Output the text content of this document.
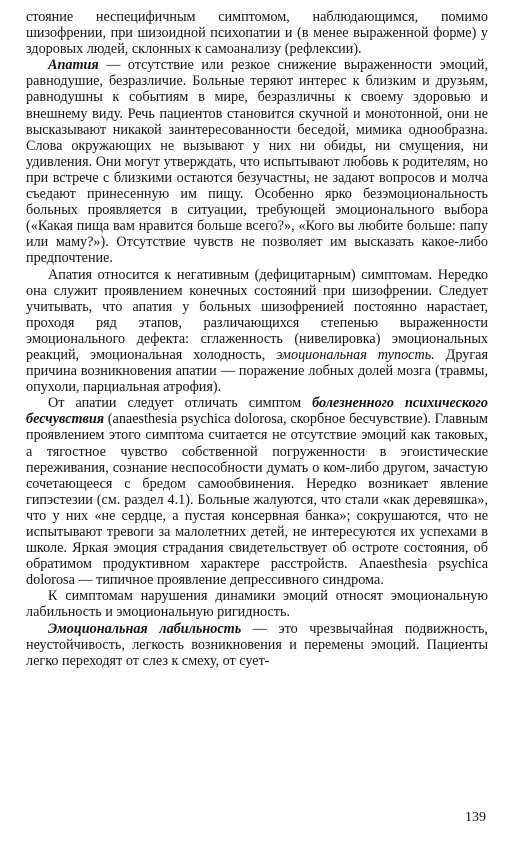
стояние неспецифичным симптомом, наблюдающимся, помимо шизофрении, при шизоидной психопатии и (в менее выраженной форме) у здоровых людей, склонных к самоанализу (рефлексии).

Апатия — отсутствие или резкое снижение выраженности эмоций, равнодушие, безразличие. Больные теряют интерес к близким и друзьям, равнодушны к событиям в мире, безразличны к своему здоровью и внешнему виду. Речь пациентов становится скучной и монотонной, они не высказывают никакой заинтересованности беседой, мимика однообразна. Слова окружающих не вызывают у них ни обиды, ни смущения, ни удивления. Они могут утверждать, что испытывают любовь к родителям, но при встрече с близкими остаются безучастны, не задают вопросов и молча съедают принесенную им пищу. Особенно ярко безэмоциональность больных проявляется в ситуации, требующей эмоционального выбора («Какая пища вам нравится больше всего?», «Кого вы любите больше: папу или маму?»). Отсутствие чувств не позволяет им высказать какое-либо предпочтение.

Апатия относится к негативным (дефицитарным) симптомам. Нередко она служит проявлением конечных состояний при шизофрении. Следует учитывать, что апатия у больных шизофренией постоянно нарастает, проходя ряд этапов, различающихся степенью выраженности эмоционального дефекта: сглаженность (нивелировка) эмоциональных реакций, эмоциональная холодность, эмоциональная тупость. Другая причина возникновения апатии — поражение лобных долей мозга (травмы, опухоли, парциальная атрофия).

От апатии следует отличать симптом болезненного психического бесчувствия (anaesthesia psychica dolorosa, скорбное бесчувствие). Главным проявлением этого симптома считается не отсутствие эмоций как таковых, а тягостное чувство собственной погруженности в эгоистические переживания, сознание неспособности думать о ком-либо другом, зачастую сочетающееся с бредом самообвинения. Нередко возникает явление гипэстезии (см. раздел 4.1). Больные жалуются, что стали «как деревяшка», что у них «не сердце, а пустая консервная банка»; сокрушаются, что не испытывают тревоги за малолетних детей, не интересуются их успехами в школе. Яркая эмоция страдания свидетельствует об остроте состояния, об обратимом продуктивном характере расстройств. Anaesthesia psychica dolorosa — типичное проявление депрессивного синдрома.

К симптомам нарушения динамики эмоций относят эмоциональную лабильность и эмоциональную ригидность.

Эмоциональная лабильность — это чрезвычайная подвижность, неустойчивость, легкость возникновения и перемены эмоций. Пациенты легко переходят от слез к смеху, от сует-

139
